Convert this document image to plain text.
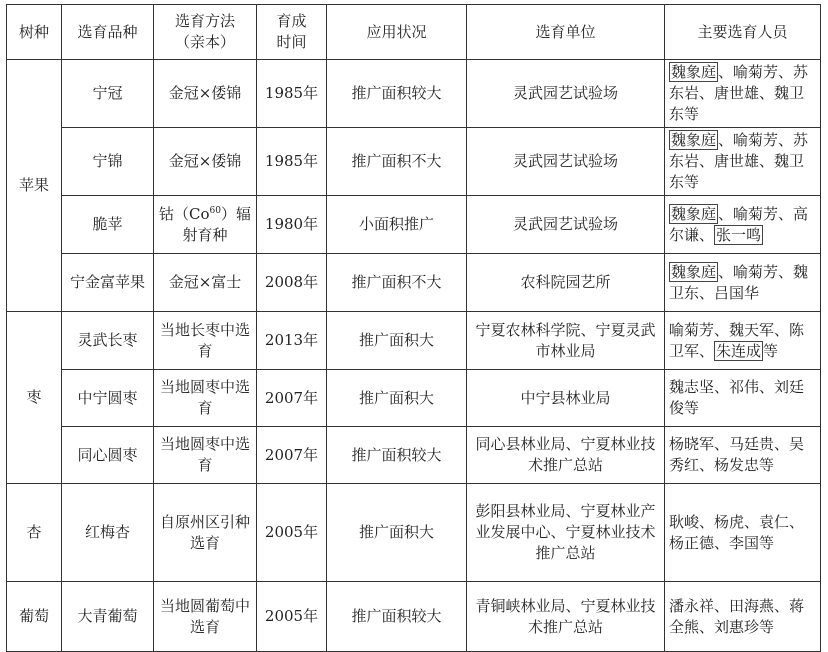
树种	选育品种	选育方法（亲本）	育成时间	应用状况	选育单位	主要选育人员
苹果	宁冠	金冠×倭锦	1985年	推广面积较大	灵武园艺试验场	魏象庭 、喻菊芳、苏东岩、唐世雄、魏卫东等
	宁锦	金冠×倭锦	1985年	推广面积不大	灵武园艺试验场	魏象庭 、喻菊芳、苏东岩、唐世雄、魏卫东等
	脆苹	钴（Co$^{60}$）辐射育种	1980年	小面积推广	灵武园艺试验场	魏象庭 、喻菊芳、高尔谦、 张一鸣
	宁金富苹果	金冠×富士	2008年	推广面积不大	农科院园艺所	魏象庭 、喻菊芳、魏卫东、吕国华
枣	灵武长枣	当地长枣中选育	2013年	推广面积大	宁夏农林科学院、宁夏灵武市林业局	喻菊芳、魏天军、陈卫军、 朱连成 等
	中宁圆枣	当地圆枣中选育	2007年	推广面积大	中宁县林业局	魏志坚、祁伟、刘廷俊等
	同心圆枣	当地圆枣中选育	2007年	推广面积较大	同心县林业局、宁夏林业技术推广总站	杨晓军、马廷贵、吴秀红、杨发忠等
杏	红梅杏	自原州区引种选育	2005年	推广面积大	彭阳县林业局、宁夏林业产业发展中心、宁夏林业技术推广总站	耿峻、杨虎、袁仁、杨正德、李国等
葡萄	大青葡萄	当地圆葡萄中选育	2005年	推广面积较大	青铜峡林业局、宁夏林业技术推广总站	潘永祥、田海燕、蒋全熊、刘惠珍等
